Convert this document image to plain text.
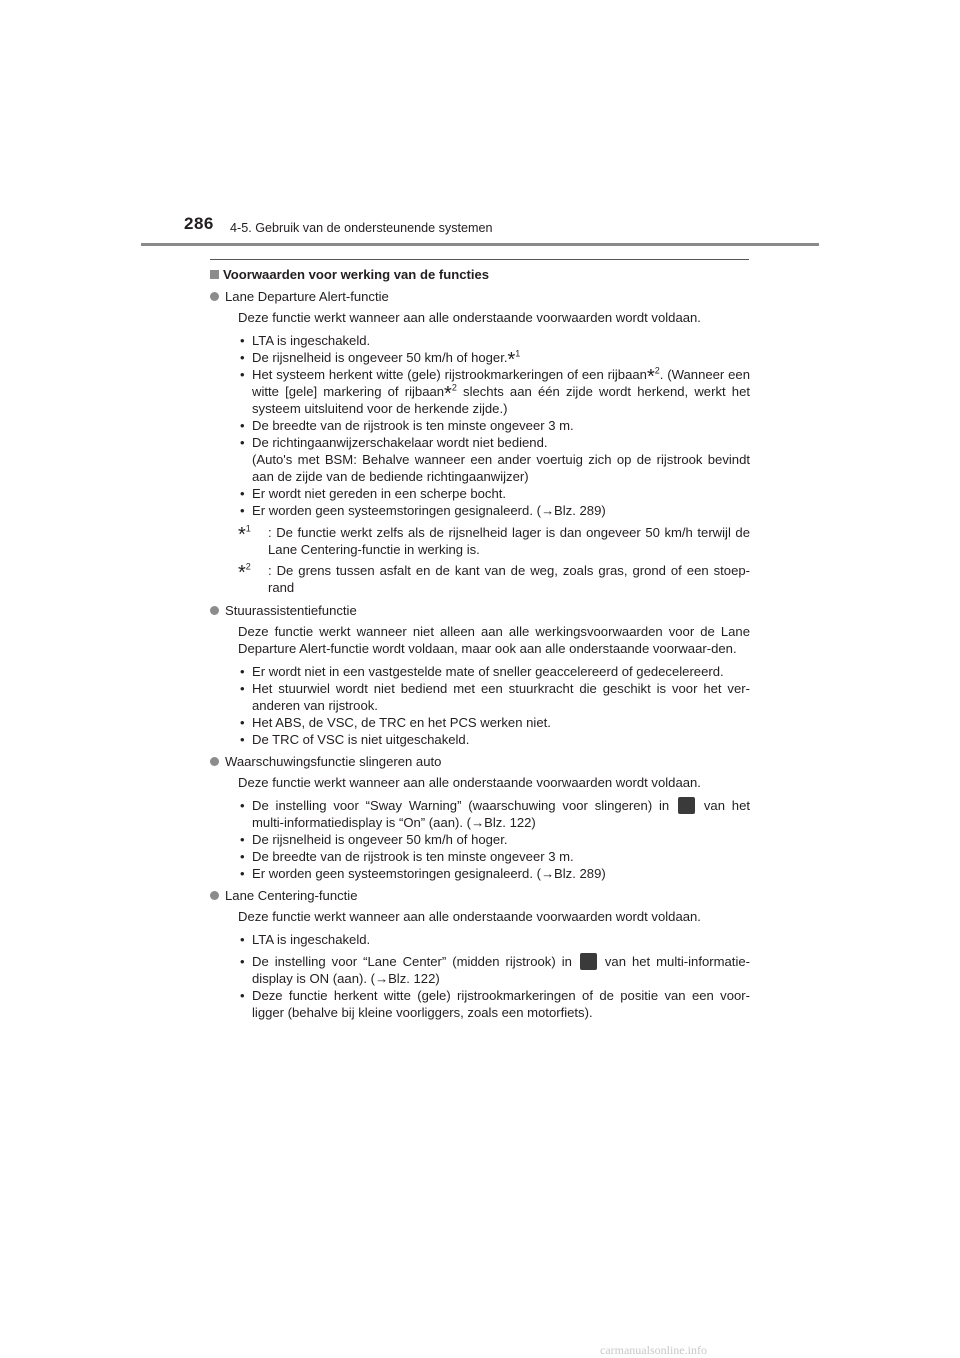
286 4-5. Gebruik van de ondersteunende systemen
Voorwaarden voor werking van de functies
Lane Departure Alert-functie
Deze functie werkt wanneer aan alle onderstaande voorwaarden wordt voldaan.
• LTA is ingeschakeld.
• De rijsnelheid is ongeveer 50 km/h of hoger.*$^1$
• Het systeem herkent witte (gele) rijstrookmarkeringen of een rijbaan*$^2$. (Wanneer een witte [gele] markering of rijbaan*$^2$ slechts aan één zijde wordt herkend, werkt het systeem uitsluitend voor de herkende zijde.)
• De breedte van de rijstrook is ten minste ongeveer 3 m.
• De richtingaanwijzerschakelaar wordt niet bediend.
(Auto's met BSM: Behalve wanneer een ander voertuig zich op de rijstrook bevindt aan de zijde van de bediende richtingaanwijzer)
• Er wordt niet gereden in een scherpe bocht.
• Er worden geen systeemstoringen gesignaleerd. (→Blz. 289)
*$^1$ : De functie werkt zelfs als de rijsnelheid lager is dan ongeveer 50 km/h terwijl de Lane Centering-functie in werking is.
*$^2$ : De grens tussen asfalt en de kant van de weg, zoals gras, grond of een stoep-rand
Stuurassistentiefunctie
Deze functie werkt wanneer niet alleen aan alle werkingsvoorwaarden voor de Lane Departure Alert-functie wordt voldaan, maar ook aan alle onderstaande voorwaar-den.
• Er wordt niet in een vastgestelde mate of sneller geaccelereerd of gedecelereerd.
• Het stuurwiel wordt niet bediend met een stuurkracht die geschikt is voor het ver-anderen van rijstrook.
• Het ABS, de VSC, de TRC en het PCS werken niet.
• De TRC of VSC is niet uitgeschakeld.
Waarschuwingsfunctie slingeren auto
Deze functie werkt wanneer aan alle onderstaande voorwaarden wordt voldaan.
• De instelling voor “Sway Warning” (waarschuwing voor slingeren) in	van het multi-informatiedisplay is “On” (aan). (→Blz. 122)
• De rijsnelheid is ongeveer 50 km/h of hoger.
• De breedte van de rijstrook is ten minste ongeveer 3 m.
• Er worden geen systeemstoringen gesignaleerd. (→Blz. 289)
Lane Centering-functie
Deze functie werkt wanneer aan alle onderstaande voorwaarden wordt voldaan.
• LTA is ingeschakeld.
• De instelling voor “Lane Center” (midden rijstrook) in	van het multi-informatie-display is ON (aan). (→Blz. 122)
• Deze functie herkent witte (gele) rijstrookmarkeringen of de positie van een voor-ligger (behalve bij kleine voorliggers, zoals een motorfiets).
carmanualsonline.info
